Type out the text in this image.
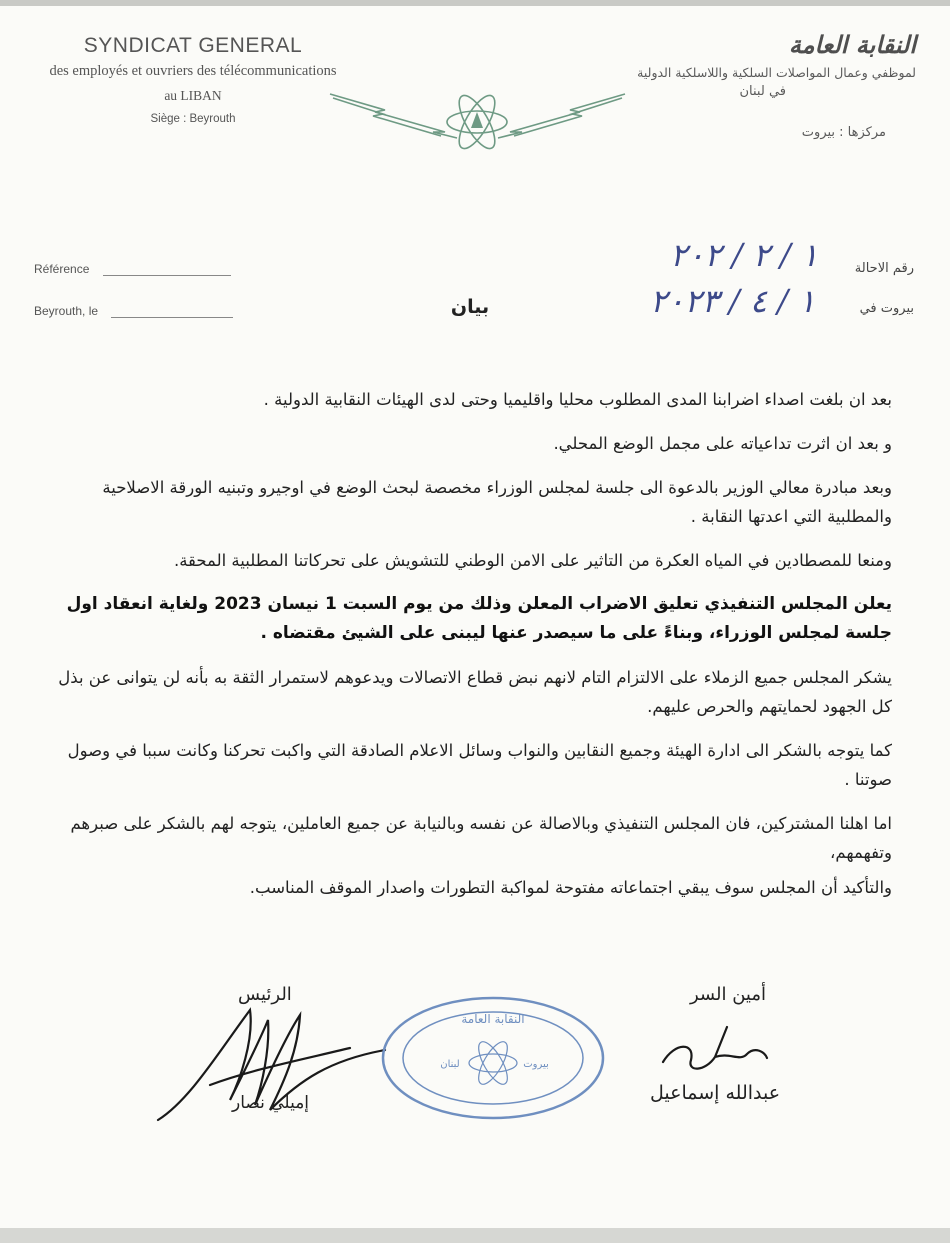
SYNDICAT GENERAL
des employés et ouvriers des télécommunications
au LIBAN
Siège : Beyrouth
النقابة العامة
لموظفي وعمال المواصلات السلكية واللاسلكية الدولية
في لبنان
مركزها : بيروت
Référence
Beyrouth, le
رقم الاحالة
بيروت في
١ / ٢ / ٢٠٢
١ / ٤ / ٢٠٢٣
بيان

بعد ان بلغت اصداء اضرابنا المدى المطلوب محليا واقليميا وحتى لدى الهيئات النقابية الدولية .

و بعد ان اثرت تداعياته على مجمل الوضع المحلي.

وبعد مبادرة معالي الوزير بالدعوة الى جلسة لمجلس الوزراء مخصصة لبحث الوضع في اوجيرو وتبنيه الورقة الاصلاحية والمطلبية التي اعدتها النقابة .

ومنعا للمصطادين في المياه العكرة من التاثير على الامن الوطني للتشويش على تحركاتنا المطلبية المحقة.

يعلن المجلس التنفيذي تعليق الاضراب المعلن وذلك من يوم السبت 1 نيسان 2023 ولغاية انعقاد اول جلسة لمجلس الوزراء، وبناءً على ما سيصدر عنها ليبنى على الشيئ مقتضاه .

يشكر المجلس جميع الزملاء على الالتزام التام لانهم نبض قطاع الاتصالات ويدعوهم لاستمرار الثقة به بأنه لن يتوانى عن بذل كل الجهود لحمايتهم والحرص عليهم.

كما يتوجه بالشكر الى ادارة الهيئة وجميع النقابين والنواب وسائل الاعلام الصادقة التي واكبت تحركنا وكانت سببا في وصول صوتنا .

اما اهلنا المشتركين، فان المجلس التنفيذي وبالاصالة عن نفسه وبالنيابة عن جميع العاملين، يتوجه لهم بالشكر على صبرهم وتفهمهم،

والتأكيد أن المجلس سوف يبقي اجتماعاته مفتوحة لمواكبة التطورات واصدار الموقف المناسب.

الرئيس
إميلي نصار
النقابة العامة
لبنان	بيروت
أمين السر
عبدالله إسماعيل
